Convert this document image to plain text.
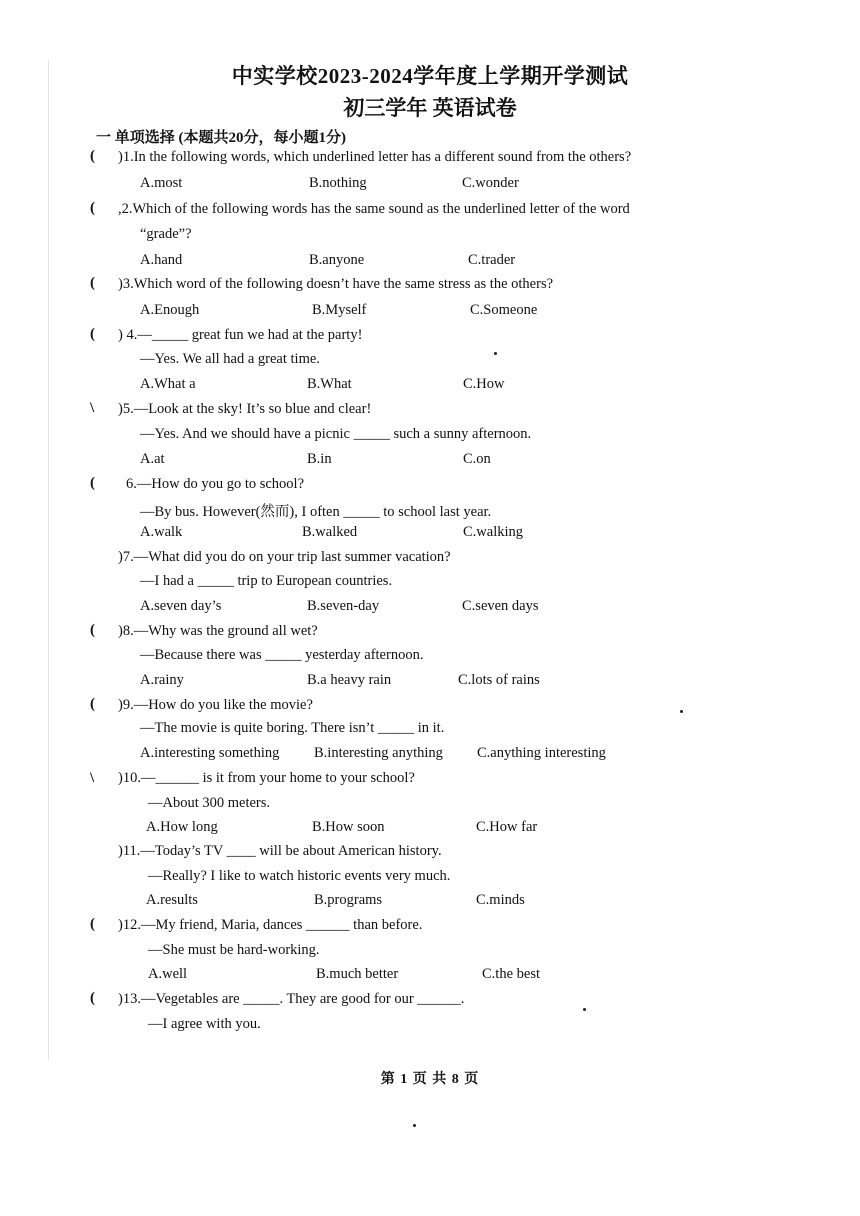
中实学校2023-2024学年度上学期开学测试
初三学年 英语试卷
一 单项选择 (本题共20分，每小题1分)
(
(
(
(
\
(
(
(
\
(
(
)1.In the following words, which underlined letter has a different sound from the others?
A.most	B.nothing	C.wonder
,2.Which of the following words has the same sound as the underlined letter of the word
“grade”?
A.hand	B.anyone	C.trader
)3.Which word of the following doesn’t have the same stress as the others?
A.Enough	B.Myself	C.Someone
) 4.—_____ great fun we had at the party!
—Yes. We all had a great time.
A.What a	B.What	C.How
)5.—Look at the sky! It’s so blue and clear!
—Yes. And we should have a picnic _____ such a sunny afternoon.
A.at	B.in	C.on
6.—How do you go to school?
—By bus. However(然而), I often _____ to school last year.
A.walk	B.walked	C.walking
)7.—What did you do on your trip last summer vacation?
—I had a _____ trip to European countries.
A.seven day’s	B.seven-day	C.seven days
)8.—Why was the ground all wet?
—Because there was _____ yesterday afternoon.
A.rainy	B.a heavy rain	C.lots of rains
)9.—How do you like the movie?
—The movie is quite boring. There isn’t _____ in it.
A.interesting something B.interesting anything C.anything interesting
)10.—______ is it from your home to your school?
—About 300 meters.
A.How long	B.How soon	C.How far
)11.—Today’s TV ____ will be about American history.
—Really? I like to watch historic events very much.
A.results	B.programs	C.minds
)12.—My friend, Maria, dances ______ than before.
—She must be hard-working.
A.well	B.much better	C.the best
)13.—Vegetables are _____. They are good for our ______.
—I agree with you.
第 1 页 共 8 页
